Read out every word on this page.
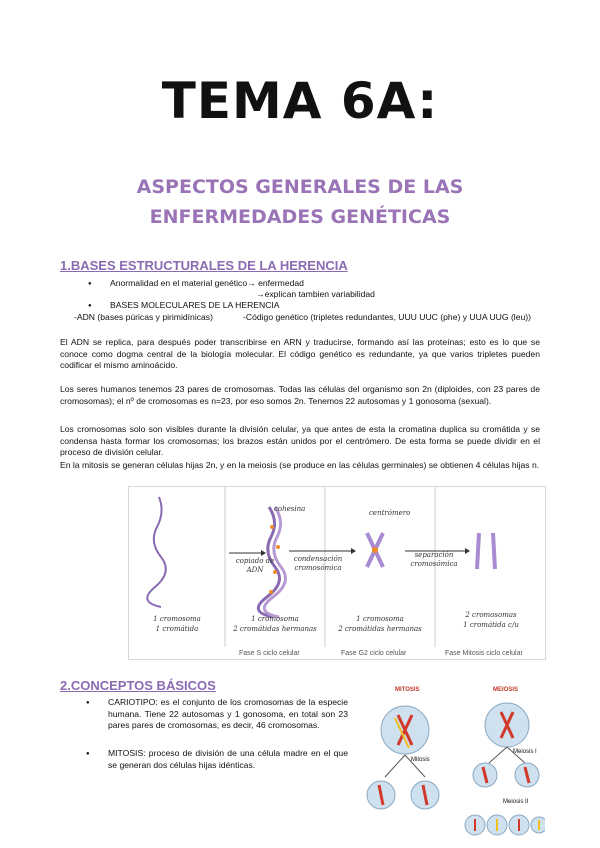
TEMA 6A:
ASPECTOS GENERALES DE LAS
ENFERMEDADES GENÉTICAS
1.BASES ESTRUCTURALES DE LA HERENCIA
● Anormalidad en el material genético→ enfermedad
→explican tambien variabilidad
● BASES MOLECULARES DE LA HERENCIA
-ADN (bases púricas y pirimidínicas)	-Código genético (tripletes redundantes, UUU UUC (phe) y UUA UUG (leu))
El ADN se replica, para después poder transcribirse en ARN y traducirse, formando así las proteínas; esto es lo que se conoce como dogma central de la biología molecular. El código genético es redundante, ya que varios tripletes pueden codificar el mismo aminoácido.
Los seres humanos tenemos 23 pares de cromosomas. Todas las células del organismo son 2n (diploides, con 23 pares de cromosomas); el nº de cromosomas es n=23, por eso somos 2n. Tenemos 22 autosomas y 1 gonosoma (sexual).
Los cromosomas solo son visibles durante la división celular, ya que antes de esta la cromatina duplica su cromátida y se condensa hasta formar los cromosomas; los brazos están unidos por el centrómero. De esta forma se puede dividir en el proceso de división celular.
En la mitosis se generan células hijas 2n, y en la meiosis (se produce en las células germinales) se obtienen 4 células hijas n.
cohesina	centrómero
copiado de ADN
condensación cromosómica
separación cromosómica
1 cromosoma
1 cromátida
1 cromosoma
2 cromátidas hermanas
1 cromosoma
2 cromátidas hermanas
2 cromosomas
1 cromátida c/u
Fase S ciclo celular	Fase G2 ciclo celular	Fase Mitosis ciclo celular
2.CONCEPTOS BÁSICOS
● CARIOTIPO: es el conjunto de los cromosomas de la especie humana. Tiene 22 autosomas y 1 gonosoma, en total son 23 pares pares de cromosomas, es decir, 46 cromosomas.
● MITOSIS: proceso de división de una célula madre en el que se generan dos células hijas idénticas.
MITOSIS	MEIOSIS
Mitosis
Meiosis I
Meiosis II
